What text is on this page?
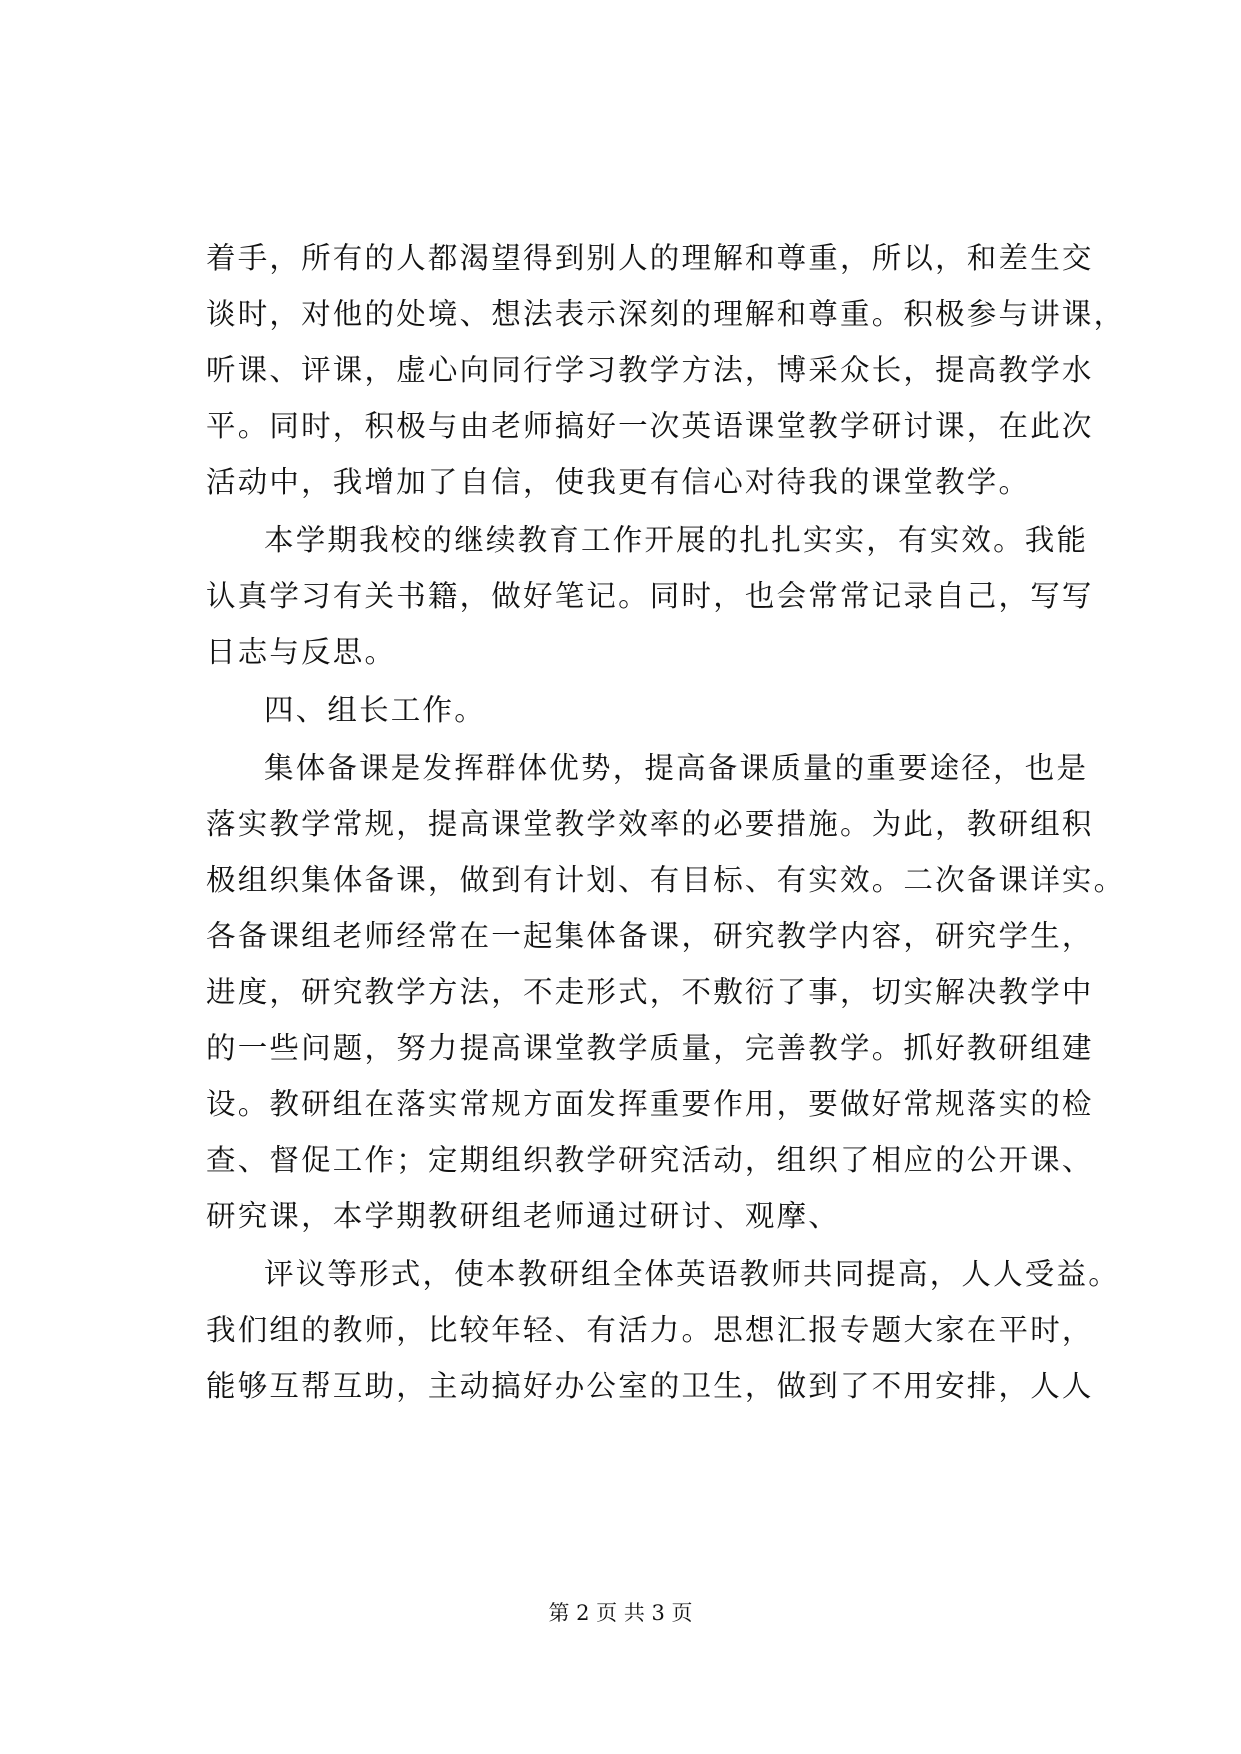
着手，所有的人都渴望得到别人的理解和尊重，所以，和差生交
谈时，对他的处境、想法表示深刻的理解和尊重。积极参与讲课，
听课、评课，虚心向同行学习教学方法，博采众长，提高教学水
平。同时，积极与由老师搞好一次英语课堂教学研讨课，在此次
活动中，我增加了自信，使我更有信心对待我的课堂教学。
本学期我校的继续教育工作开展的扎扎实实，有实效。我能
认真学习有关书籍，做好笔记。同时，也会常常记录自己，写写
日志与反思。
四、组长工作。
集体备课是发挥群体优势，提高备课质量的重要途径，也是
落实教学常规，提高课堂教学效率的必要措施。为此，教研组积
极组织集体备课，做到有计划、有目标、有实效。二次备课详实。
各备课组老师经常在一起集体备课，研究教学内容，研究学生，
进度，研究教学方法，不走形式，不敷衍了事，切实解决教学中
的一些问题，努力提高课堂教学质量，完善教学。抓好教研组建
设。教研组在落实常规方面发挥重要作用，要做好常规落实的检
查、督促工作；定期组织教学研究活动，组织了相应的公开课、
研究课，本学期教研组老师通过研讨、观摩、
评议等形式，使本教研组全体英语教师共同提高，人人受益。
我们组的教师，比较年轻、有活力。思想汇报专题大家在平时，
能够互帮互助，主动搞好办公室的卫生，做到了不用安排，人人
第 2 页 共 3 页
